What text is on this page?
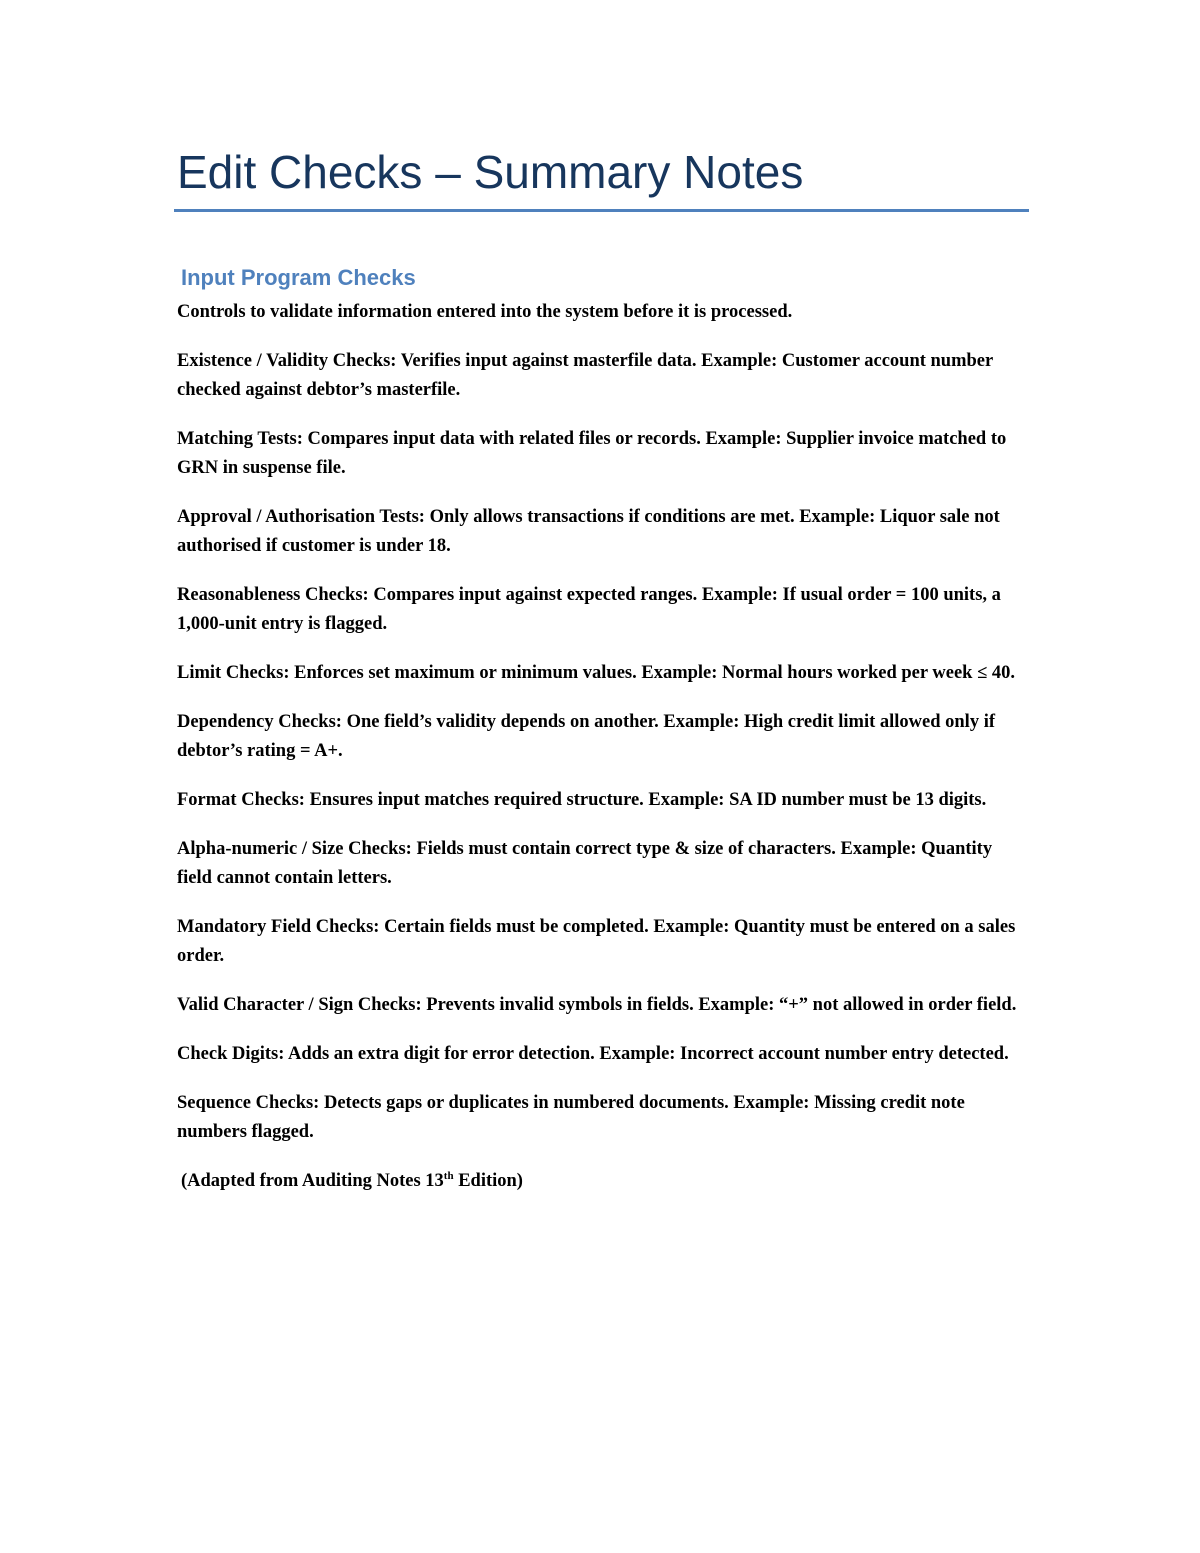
Edit Checks – Summary Notes
Input Program Checks

Controls to validate information entered into the system before it is processed.

Existence / Validity Checks: Verifies input against masterfile data. Example: Customer account number checked against debtor’s masterfile.

Matching Tests: Compares input data with related files or records. Example: Supplier invoice matched to GRN in suspense file.

Approval / Authorisation Tests: Only allows transactions if conditions are met. Example: Liquor sale not authorised if customer is under 18.

Reasonableness Checks: Compares input against expected ranges. Example: If usual order = 100 units, a 1,000-unit entry is flagged.

Limit Checks: Enforces set maximum or minimum values. Example: Normal hours worked per week ≤ 40.

Dependency Checks: One field’s validity depends on another. Example: High credit limit allowed only if debtor’s rating = A+.

Format Checks: Ensures input matches required structure. Example: SA ID number must be 13 digits.

Alpha-numeric / Size Checks: Fields must contain correct type & size of characters. Example: Quantity field cannot contain letters.

Mandatory Field Checks: Certain fields must be completed. Example: Quantity must be entered on a sales order.

Valid Character / Sign Checks: Prevents invalid symbols in fields. Example: “+” not allowed in order field.

Check Digits: Adds an extra digit for error detection. Example: Incorrect account number entry detected.

Sequence Checks: Detects gaps or duplicates in numbered documents. Example: Missing credit note numbers flagged.

(Adapted from Auditing Notes 13th Edition)
